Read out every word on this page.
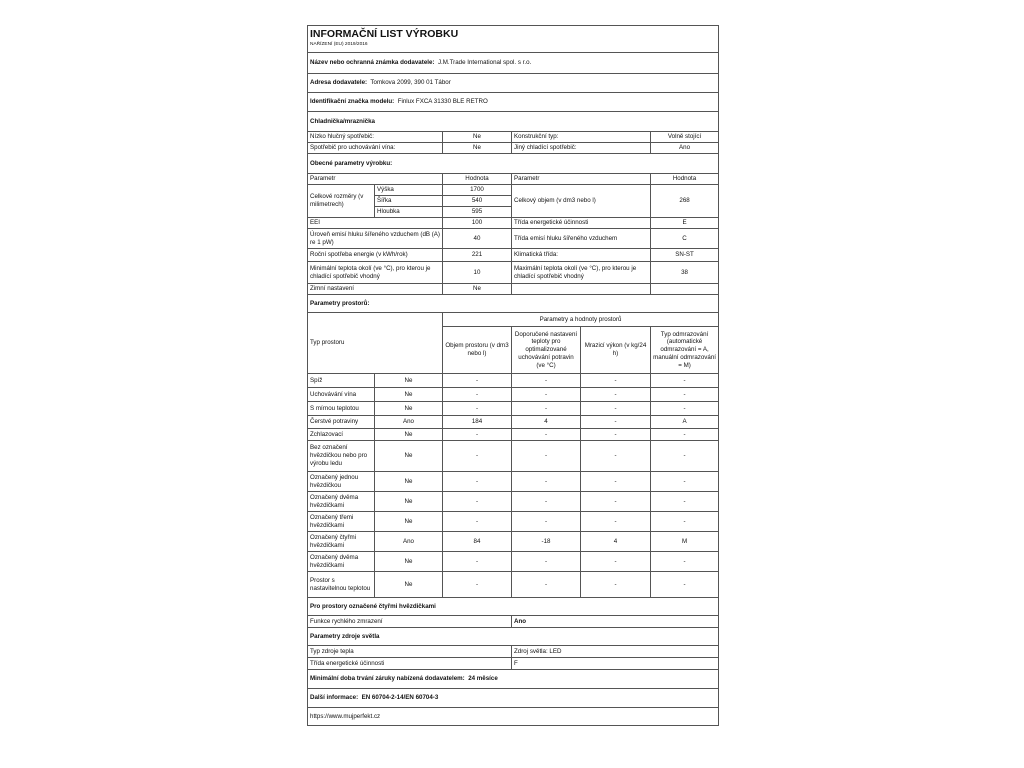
INFORMAČNÍ LIST VÝROBKU					
NAŘÍZENÍ (EU) 2019/2016					
Název nebo ochranná známka dodavatele: J.M.Trade International spol. s r.o.					
Adresa dodavatele: Tomkova 2099, 390 01 Tábor					
Identifikační značka modelu: Finlux FXCA 31330 BLE RETRO					
Chladnička/mraznička					
Nízko hlučný spotřebič:		Ne	Konstrukční typ:		Volně stojící
Spotřebič pro uchovávání vína:		Ne	Jiný chladící spotřebič:		Ano
Obecné parametry výrobku:					
Parametr		Hodnota	Parametr		Hodnota
Celkové rozměry (v milimetrech)	Výška	1700	Celkový objem (v dm3 nebo l)		268
	Šířka	540			
	Hloubka	595			
EEI		100	Třída energetické účinnosti		E
Úroveň emisí hluku šířeného vzduchem (dB (A) re 1 pW)		40	Třída emisí hluku šířeného vzduchem		C
Roční spotřeba energie (v kWh/rok)		221	Klimatická třída:		SN-ST
Minimální teplota okolí (ve °C), pro kterou je chladící spotřebič vhodný		10	Maximální teplota okolí (ve °C), pro kterou je chladící spotřebič vhodný		38
Zimní nastavení		Ne			
Parametry prostorů:					
Typ prostoru		Parametry a hodnoty prostorů			
		Objem prostoru (v dm3 nebo l)	Doporučené nastavení teploty pro optimalizované uchovávání potravin (ve °C)	Mrazicí výkon (v kg/24 h)	Typ odmrazování (automatické odmrazování = A, manuální odmrazování = M)
Spíž	Ne	-	-	-	-
Uchovávání vína	Ne	-	-	-	-
S mírnou teplotou	Ne	-	-	-	-
Čerstvé potraviny	Ano	184	4	-	A
Zchlazovací	Ne	-	-	-	-
Bez označení hvězdičkou nebo pro výrobu ledu	Ne	-	-	-	-
Označený jednou hvězdičkou	Ne	-	-	-	-
Označený dvěma hvězdičkami	Ne	-	-	-	-
Označený třemi hvězdičkami	Ne	-	-	-	-
Označený čtyřmi hvězdičkami	Ano	84	-18	4	M
Označený dvěma hvězdičkami	Ne	-	-	-	-
Prostor s nastavitelnou teplotou	Ne	-	-	-	-
Pro prostory označené čtyřmi hvězdičkami					
Funkce rychlého zmrazení			Ano		
Parametry zdroje světla					
Typ zdroje tepla			Zdroj světla: LED		
Třída energetické účinnosti			F		
Minimální doba trvání záruky nabízená dodavatelem: 24 měsíce					
Další informace: EN 60704-2-14/EN 60704-3					
https://www.mujperfekt.cz					
